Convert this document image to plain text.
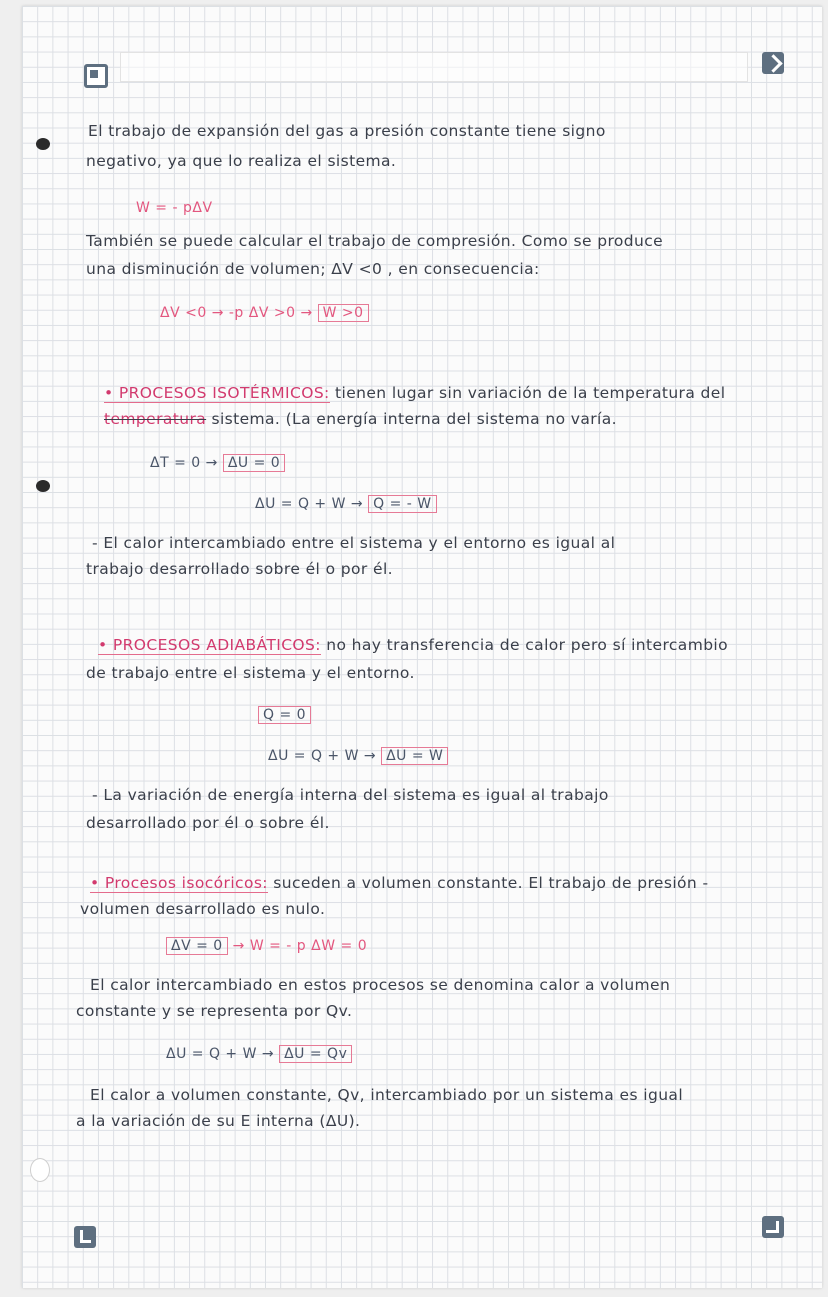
El trabajo de expansión del gas a presión constante tiene signo
negativo, ya que lo realiza el sistema.
W = - pΔV
También se puede calcular el trabajo de compresión. Como se produce
una disminución de volumen; ΔV <0 , en consecuencia:
ΔV <0 → -p ΔV >0 → W >0
• PROCESOS ISOTÉRMICOS: tienen lugar sin variación de la temperatura del
temperatura sistema. (La energía interna del sistema no varía.
ΔT = 0 → ΔU = 0
ΔU = Q + W → Q = - W
- El calor intercambiado entre el sistema y el entorno es igual al
trabajo desarrollado sobre él o por él.
• PROCESOS ADIABÁTICOS: no hay transferencia de calor pero sí intercambio
de trabajo entre el sistema y el entorno.
Q = 0
ΔU = Q + W → ΔU = W
- La variación de energía interna del sistema es igual al trabajo
desarrollado por él o sobre él.
• Procesos isocóricos: suceden a volumen constante. El trabajo de presión -
volumen desarrollado es nulo.
ΔV = 0 → W = - p ΔW = 0
El calor intercambiado en estos procesos se denomina calor a volumen
constante y se representa por Qv.
ΔU = Q + W → ΔU = Qv
El calor a volumen constante, Qv, intercambiado por un sistema es igual
a la variación de su E interna (ΔU).
